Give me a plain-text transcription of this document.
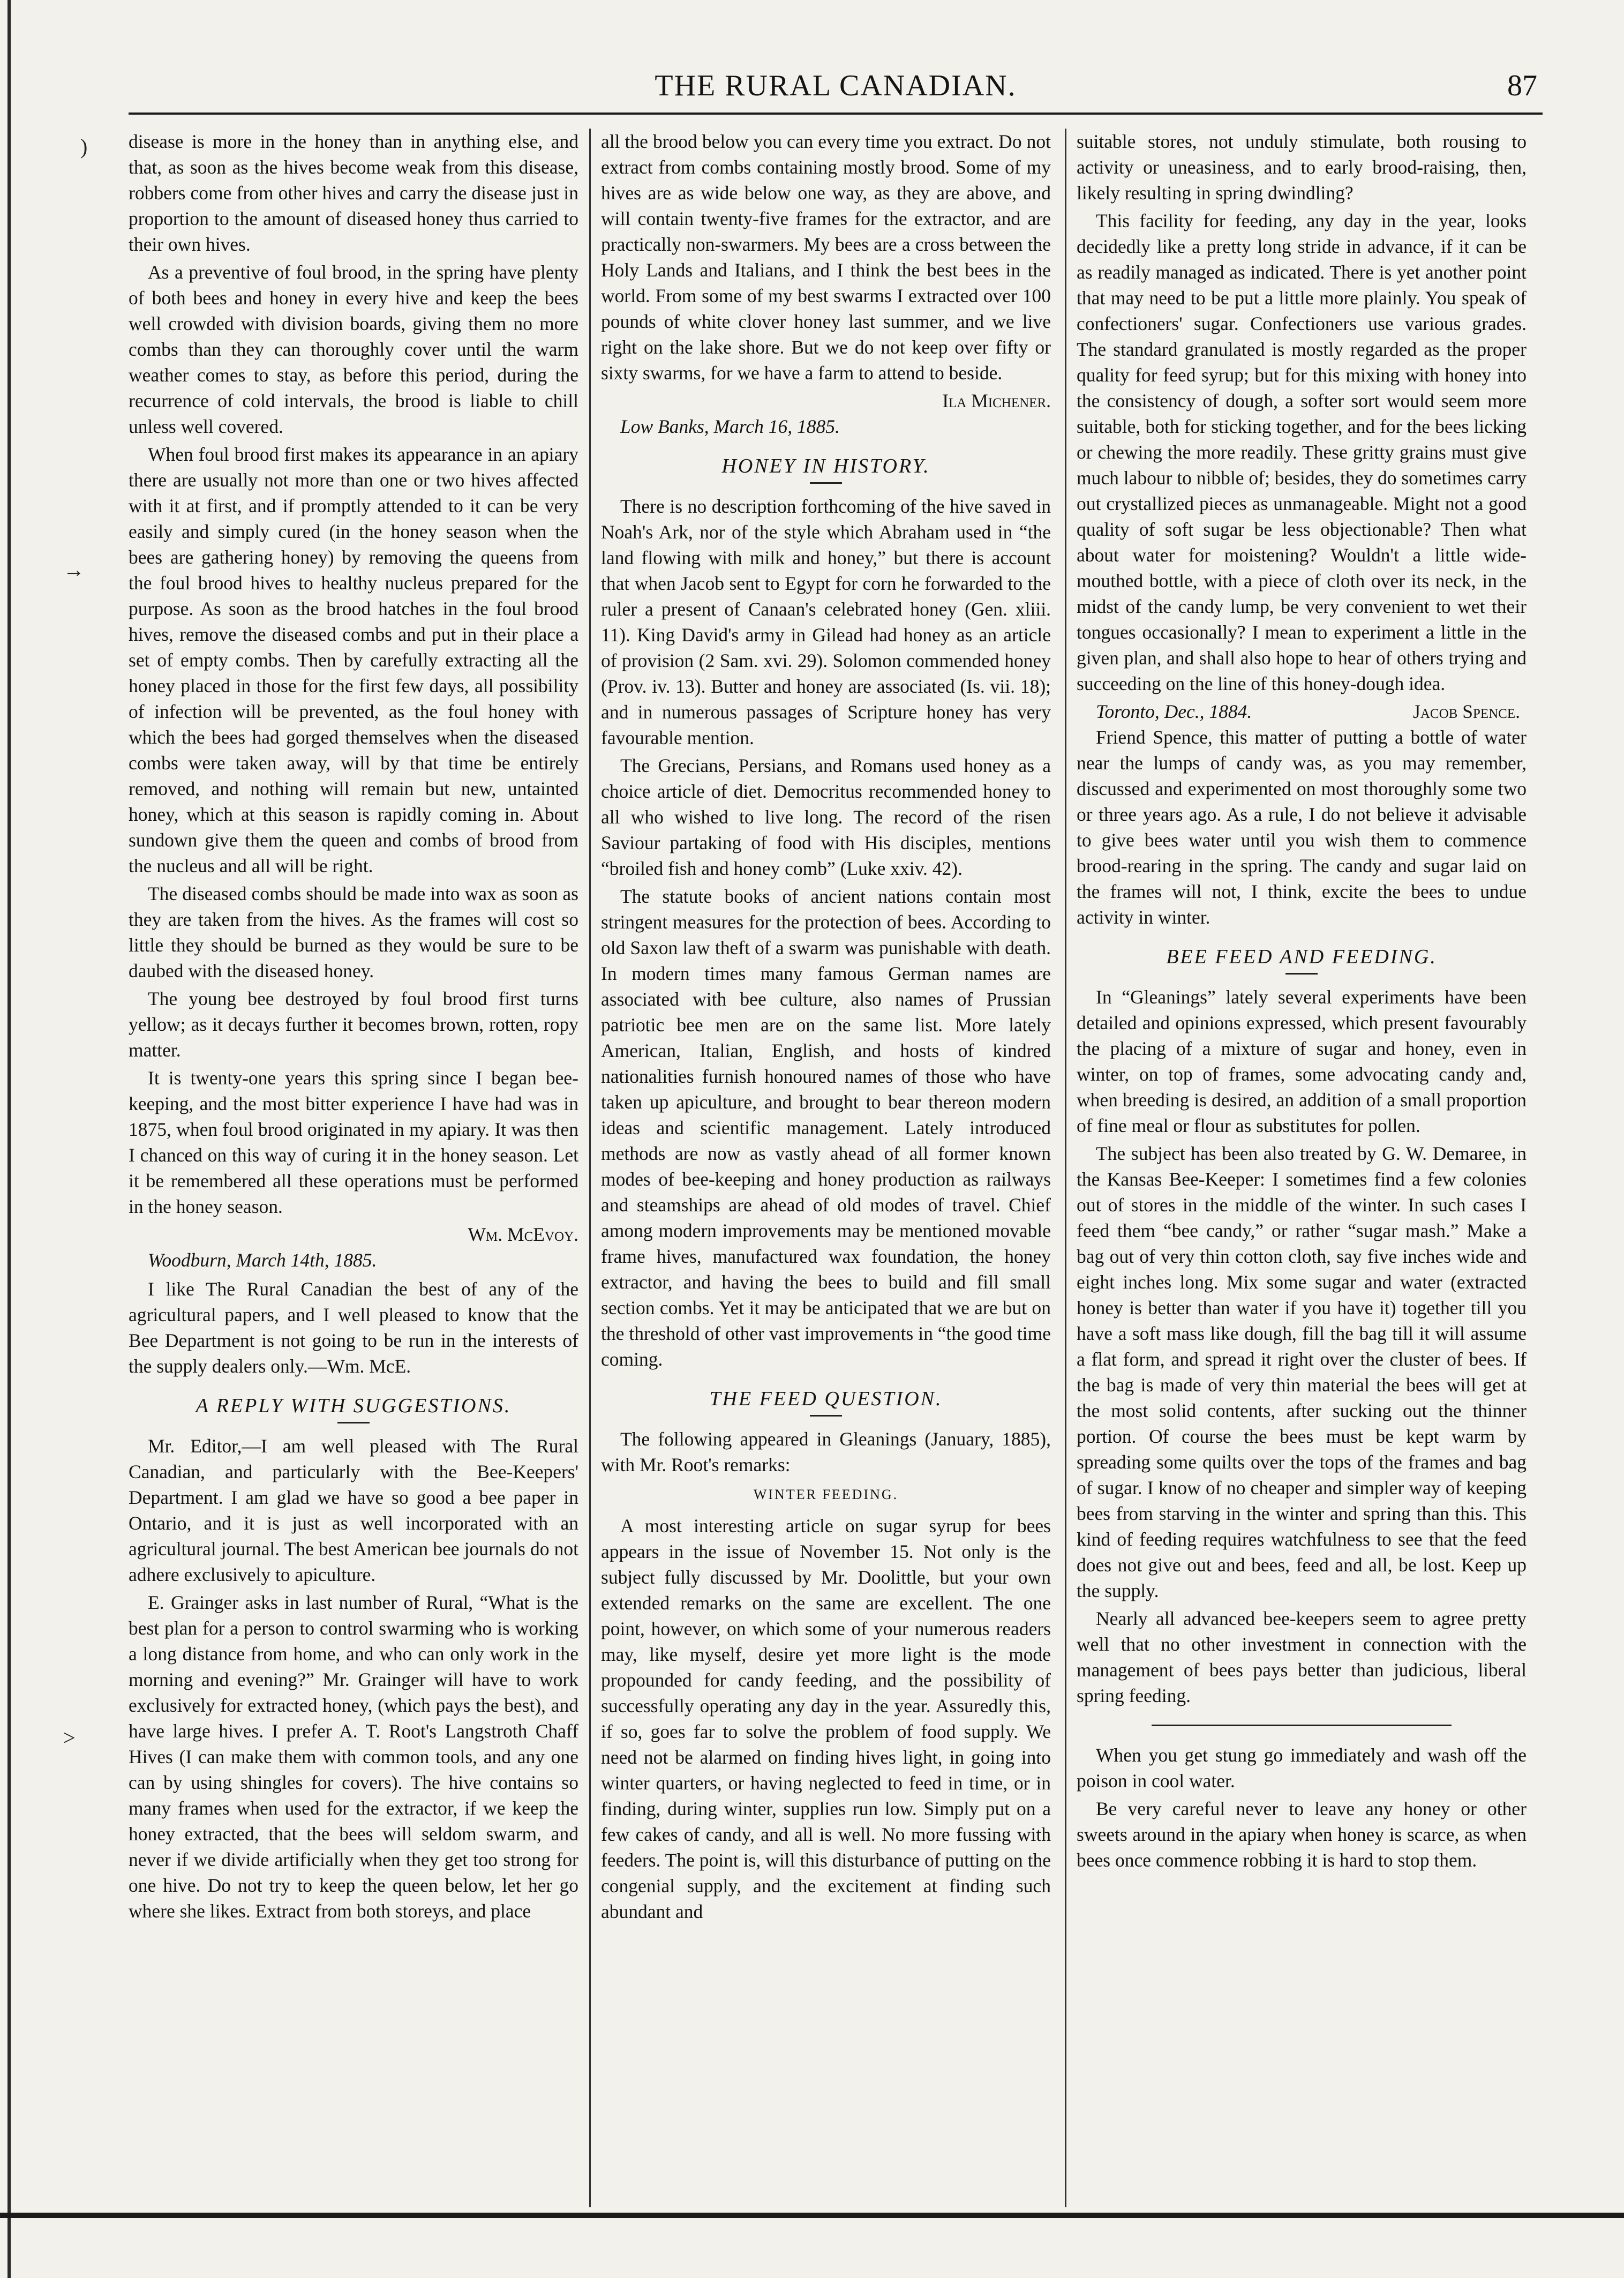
)
→
>
THE RURAL CANADIAN.	87

disease is more in the honey than in anything else, and that, as soon as the hives become weak from this disease, robbers come from other hives and carry the disease just in proportion to the amount of diseased honey thus carried to their own hives.

As a preventive of foul brood, in the spring have plenty of both bees and honey in every hive and keep the bees well crowded with division boards, giving them no more combs than they can thoroughly cover until the warm weather comes to stay, as before this period, during the recurrence of cold intervals, the brood is liable to chill unless well covered.

When foul brood first makes its appearance in an apiary there are usually not more than one or two hives affected with it at first, and if promptly attended to it can be very easily and simply cured (in the honey season when the bees are gathering honey) by removing the queens from the foul brood hives to healthy nucleus prepared for the purpose. As soon as the brood hatches in the foul brood hives, remove the diseased combs and put in their place a set of empty combs. Then by carefully extracting all the honey placed in those for the first few days, all possibility of infection will be prevented, as the foul honey with which the bees had gorged themselves when the diseased combs were taken away, will by that time be entirely removed, and nothing will remain but new, untainted honey, which at this season is rapidly coming in. About sundown give them the queen and combs of brood from the nucleus and all will be right.

The diseased combs should be made into wax as soon as they are taken from the hives. As the frames will cost so little they should be burned as they would be sure to be daubed with the diseased honey.

The young bee destroyed by foul brood first turns yellow; as it decays further it becomes brown, rotten, ropy matter.

It is twenty-one years this spring since I began bee-keeping, and the most bitter experience I have had was in 1875, when foul brood originated in my apiary. It was then I chanced on this way of curing it in the honey season. Let it be remembered all these operations must be performed in the honey season.

Wm. McEvoy.
Woodburn, March 14th, 1885.

I like The Rural Canadian the best of any of the agricultural papers, and I well pleased to know that the Bee Department is not going to be run in the interests of the supply dealers only.—Wm. McE.

A REPLY WITH SUGGESTIONS.

Mr. Editor,—I am well pleased with The Rural Canadian, and particularly with the Bee-Keepers' Department. I am glad we have so good a bee paper in Ontario, and it is just as well incorporated with an agricultural journal. The best American bee journals do not adhere exclusively to apiculture.

E. Grainger asks in last number of Rural, “What is the best plan for a person to control swarming who is working a long distance from home, and who can only work in the morning and evening?” Mr. Grainger will have to work exclusively for extracted honey, (which pays the best), and have large hives. I prefer A. T. Root's Langstroth Chaff Hives (I can make them with common tools, and any one can by using shingles for covers). The hive contains so many frames when used for the extractor, if we keep the honey extracted, that the bees will seldom swarm, and never if we divide artificially when they get too strong for one hive. Do not try to keep the queen below, let her go where she likes. Extract from both storeys, and place

all the brood below you can every time you extract. Do not extract from combs containing mostly brood. Some of my hives are as wide below one way, as they are above, and will contain twenty-five frames for the extractor, and are practically non-swarmers. My bees are a cross between the Holy Lands and Italians, and I think the best bees in the world. From some of my best swarms I extracted over 100 pounds of white clover honey last summer, and we live right on the lake shore. But we do not keep over fifty or sixty swarms, for we have a farm to attend to beside.

Ila Michener.
Low Banks, March 16, 1885.
HONEY IN HISTORY.

There is no description forthcoming of the hive saved in Noah's Ark, nor of the style which Abraham used in “the land flowing with milk and honey,” but there is account that when Jacob sent to Egypt for corn he forwarded to the ruler a present of Canaan's celebrated honey (Gen. xliii. 11). King David's army in Gilead had honey as an article of provision (2 Sam. xvi. 29). Solomon commended honey (Prov. iv. 13). Butter and honey are associated (Is. vii. 18); and in numerous passages of Scripture honey has very favourable mention.

The Grecians, Persians, and Romans used honey as a choice article of diet. Democritus recommended honey to all who wished to live long. The record of the risen Saviour partaking of food with His disciples, mentions “broiled fish and honey comb” (Luke xxiv. 42).

The statute books of ancient nations contain most stringent measures for the protection of bees. According to old Saxon law theft of a swarm was punishable with death. In modern times many famous German names are associated with bee culture, also names of Prussian patriotic bee men are on the same list. More lately American, Italian, English, and hosts of kindred nationalities furnish honoured names of those who have taken up apiculture, and brought to bear thereon modern ideas and scientific management. Lately introduced methods are now as vastly ahead of all former known modes of bee-keeping and honey production as railways and steamships are ahead of old modes of travel. Chief among modern improvements may be mentioned movable frame hives, manufactured wax foundation, the honey extractor, and having the bees to build and fill small section combs. Yet it may be anticipated that we are but on the threshold of other vast improvements in “the good time coming.

THE FEED QUESTION.

The following appeared in Gleanings (January, 1885), with Mr. Root's remarks:

WINTER FEEDING.

A most interesting article on sugar syrup for bees appears in the issue of November 15. Not only is the subject fully discussed by Mr. Doolittle, but your own extended remarks on the same are excellent. The one point, however, on which some of your numerous readers may, like myself, desire yet more light is the mode propounded for candy feeding, and the possibility of successfully operating any day in the year. Assuredly this, if so, goes far to solve the problem of food supply. We need not be alarmed on finding hives light, in going into winter quarters, or having neglected to feed in time, or in finding, during winter, supplies run low. Simply put on a few cakes of candy, and all is well. No more fussing with feeders. The point is, will this disturbance of putting on the congenial supply, and the excitement at finding such abundant and

suitable stores, not unduly stimulate, both rousing to activity or uneasiness, and to early brood-raising, then, likely resulting in spring dwindling?

This facility for feeding, any day in the year, looks decidedly like a pretty long stride in advance, if it can be as readily managed as indicated. There is yet another point that may need to be put a little more plainly. You speak of confectioners' sugar. Confectioners use various grades. The standard granulated is mostly regarded as the proper quality for feed syrup; but for this mixing with honey into the consistency of dough, a softer sort would seem more suitable, both for sticking together, and for the bees licking or chewing the more readily. These gritty grains must give much labour to nibble of; besides, they do sometimes carry out crystallized pieces as unmanageable. Might not a good quality of soft sugar be less objectionable? Then what about water for moistening? Wouldn't a little wide-mouthed bottle, with a piece of cloth over its neck, in the midst of the candy lump, be very convenient to wet their tongues occasionally? I mean to experiment a little in the given plan, and shall also hope to hear of others trying and succeeding on the line of this honey-dough idea.

Toronto, Dec., 1884.	Jacob Spence.

Friend Spence, this matter of putting a bottle of water near the lumps of candy was, as you may remember, discussed and experimented on most thoroughly some two or three years ago. As a rule, I do not believe it advisable to give bees water until you wish them to commence brood-rearing in the spring. The candy and sugar laid on the frames will not, I think, excite the bees to undue activity in winter.

BEE FEED AND FEEDING.

In “Gleanings” lately several experiments have been detailed and opinions expressed, which present favourably the placing of a mixture of sugar and honey, even in winter, on top of frames, some advocating candy and, when breeding is desired, an addition of a small proportion of fine meal or flour as substitutes for pollen.

The subject has been also treated by G. W. Demaree, in the Kansas Bee-Keeper: I sometimes find a few colonies out of stores in the middle of the winter. In such cases I feed them “bee candy,” or rather “sugar mash.” Make a bag out of very thin cotton cloth, say five inches wide and eight inches long. Mix some sugar and water (extracted honey is better than water if you have it) together till you have a soft mass like dough, fill the bag till it will assume a flat form, and spread it right over the cluster of bees. If the bag is made of very thin material the bees will get at the most solid contents, after sucking out the thinner portion. Of course the bees must be kept warm by spreading some quilts over the tops of the frames and bag of sugar. I know of no cheaper and simpler way of keeping bees from starving in the winter and spring than this. This kind of feeding requires watchfulness to see that the feed does not give out and bees, feed and all, be lost. Keep up the supply.

Nearly all advanced bee-keepers seem to agree pretty well that no other investment in connection with the management of bees pays better than judicious, liberal spring feeding.

When you get stung go immediately and wash off the poison in cool water.

Be very careful never to leave any honey or other sweets around in the apiary when honey is scarce, as when bees once commence robbing it is hard to stop them.
